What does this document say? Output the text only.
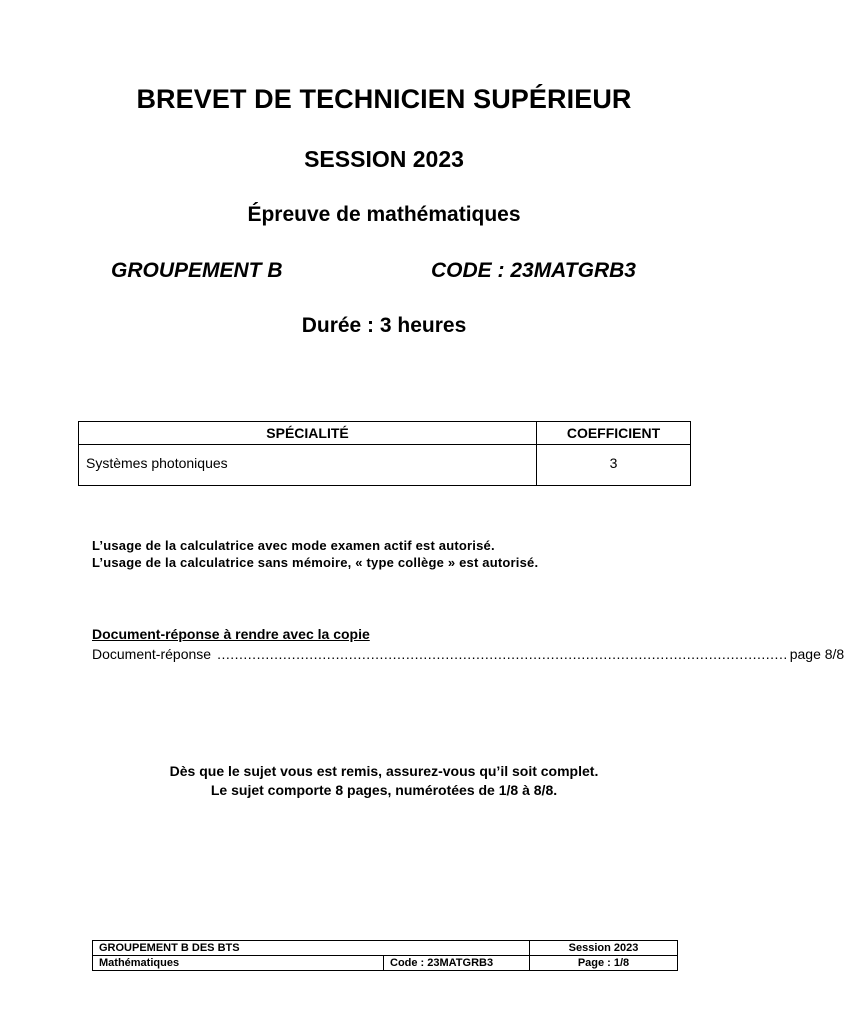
BREVET DE TECHNICIEN SUPÉRIEUR
SESSION 2023
Épreuve de mathématiques
GROUPEMENT B	CODE : 23MATGRB3
Durée : 3 heures
SPÉCIALITÉ	COEFFICIENT
Systèmes photoniques	3
L’usage de la calculatrice avec mode examen actif est autorisé.
L’usage de la calculatrice sans mémoire, « type collège » est autorisé.
Document-réponse à rendre avec la copie
Document-réponse .................................................................................................................................. page 8/8
Dès que le sujet vous est remis, assurez-vous qu’il soit complet.
Le sujet comporte 8 pages, numérotées de 1/8 à 8/8.
GROUPEMENT B DES BTS		Session 2023
Mathématiques	Code : 23MATGRB3	Page : 1/8
